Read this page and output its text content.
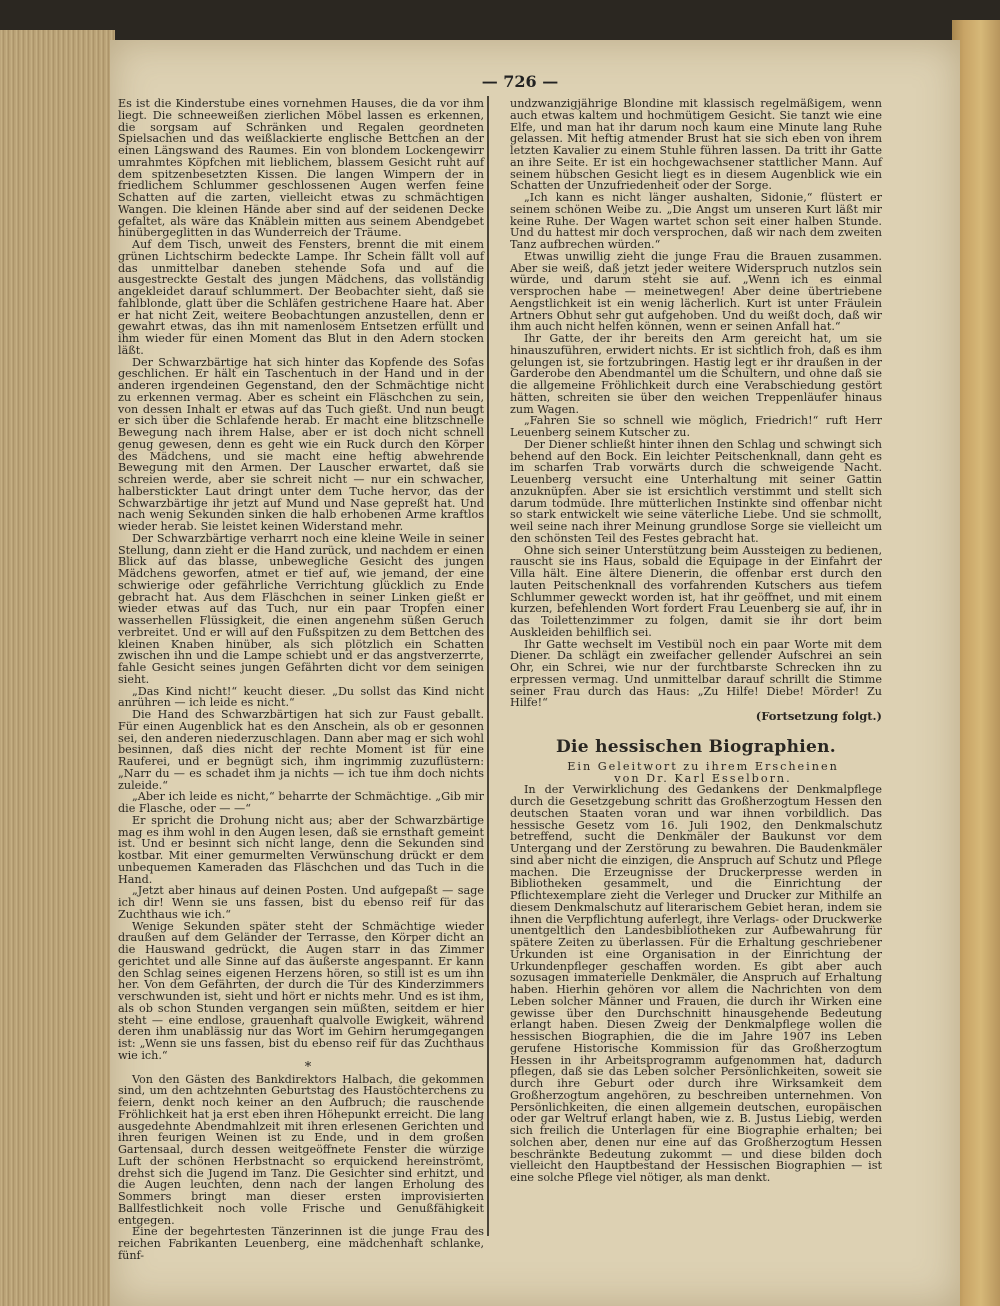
— 726 —

Es ist die Kinderstube eines vornehmen Hauses, die da vor ihm liegt. Die schneeweißen zierlichen Möbel lassen es erkennen, die sorgsam auf Schränken und Regalen geordneten Spielsachen und das weißlackierte englische Bettchen an der einen Längswand des Raumes. Ein von blondem Lockengewirr umrahmtes Köpfchen mit lieblichem, blassem Gesicht ruht auf dem spitzenbesetzten Kissen. Die langen Wimpern der in friedlichem Schlummer geschlossenen Augen werfen feine Schatten auf die zarten, vielleicht etwas zu schmächtigen Wangen. Die kleinen Hände aber sind auf der seidenen Decke gefaltet, als wäre das Knäblein mitten aus seinem Abendgebet hinübergeglitten in das Wunderreich der Träume.

Auf dem Tisch, unweit des Fensters, brennt die mit einem grünen Lichtschirm bedeckte Lampe. Ihr Schein fällt voll auf das unmittelbar daneben stehende Sofa und auf die ausgestreckte Gestalt des jungen Mädchens, das vollständig angekleidet darauf schlummert. Der Beobachter sieht, daß sie fahlblonde, glatt über die Schläfen gestrichene Haare hat. Aber er hat nicht Zeit, weitere Beobachtungen anzustellen, denn er gewahrt etwas, das ihn mit namenlosem Entsetzen erfüllt und ihm wieder für einen Moment das Blut in den Adern stocken läßt.

Der Schwarzbärtige hat sich hinter das Kopfende des Sofas geschlichen. Er hält ein Taschentuch in der Hand und in der anderen irgendeinen Gegenstand, den der Schmächtige nicht zu erkennen vermag. Aber es scheint ein Fläschchen zu sein, von dessen Inhalt er etwas auf das Tuch gießt. Und nun beugt er sich über die Schlafende herab. Er macht eine blitzschnelle Bewegung nach ihrem Halse, aber er ist doch nicht schnell genug gewesen, denn es geht wie ein Ruck durch den Körper des Mädchens, und sie macht eine heftig abwehrende Bewegung mit den Armen. Der Lauscher erwartet, daß sie schreien werde, aber sie schreit nicht — nur ein schwacher, halberstickter Laut dringt unter dem Tuche hervor, das der Schwarzbärtige ihr jetzt auf Mund und Nase gepreßt hat. Und nach wenig Sekunden sinken die halb erhobenen Arme kraftlos wieder herab. Sie leistet keinen Widerstand mehr.

Der Schwarzbärtige verharrt noch eine kleine Weile in seiner Stellung, dann zieht er die Hand zurück, und nachdem er einen Blick auf das blasse, unbewegliche Gesicht des jungen Mädchens geworfen, atmet er tief auf, wie jemand, der eine schwierige oder gefährliche Verrichtung glücklich zu Ende gebracht hat. Aus dem Fläschchen in seiner Linken gießt er wieder etwas auf das Tuch, nur ein paar Tropfen einer wasserhellen Flüssigkeit, die einen angenehm süßen Geruch verbreitet. Und er will auf den Fußspitzen zu dem Bettchen des kleinen Knaben hinüber, als sich plötzlich ein Schatten zwischen ihn und die Lampe schiebt und er das angstverzerrte, fahle Gesicht seines jungen Gefährten dicht vor dem seinigen sieht.

„Das Kind nicht!“ keucht dieser. „Du sollst das Kind nicht anrühren — ich leide es nicht.“

Die Hand des Schwarzbärtigen hat sich zur Faust geballt. Für einen Augenblick hat es den Anschein, als ob er gesonnen sei, den anderen niederzuschlagen. Dann aber mag er sich wohl besinnen, daß dies nicht der rechte Moment ist für eine Rauferei, und er begnügt sich, ihm ingrimmig zuzuflüstern: „Narr du — es schadet ihm ja nichts — ich tue ihm doch nichts zuleide.“

„Aber ich leide es nicht,“ beharrte der Schmächtige. „Gib mir die Flasche, oder — —“

Er spricht die Drohung nicht aus; aber der Schwarzbärtige mag es ihm wohl in den Augen lesen, daß sie ernsthaft gemeint ist. Und er besinnt sich nicht lange, denn die Sekunden sind kostbar. Mit einer gemurmelten Verwünschung drückt er dem unbequemen Kameraden das Fläschchen und das Tuch in die Hand.

„Jetzt aber hinaus auf deinen Posten. Und aufgepaßt — sage ich dir! Wenn sie uns fassen, bist du ebenso reif für das Zuchthaus wie ich.“

Wenige Sekunden später steht der Schmächtige wieder draußen auf dem Geländer der Terrasse, den Körper dicht an die Hauswand gedrückt, die Augen starr in das Zimmer gerichtet und alle Sinne auf das äußerste angespannt. Er kann den Schlag seines eigenen Herzens hören, so still ist es um ihn her. Von dem Gefährten, der durch die Tür des Kinderzimmers verschwunden ist, sieht und hört er nichts mehr. Und es ist ihm, als ob schon Stunden vergangen sein müßten, seitdem er hier steht — eine endlose, grauenhaft qualvolle Ewigkeit, während deren ihm unablässig nur das Wort im Gehirn herumgegangen ist: „Wenn sie uns fassen, bist du ebenso reif für das Zuchthaus wie ich.“

*

Von den Gästen des Bankdirektors Halbach, die gekommen sind, um den achtzehnten Geburtstag des Haustöchterchens zu feiern, denkt noch keiner an den Aufbruch; die rauschende Fröhlichkeit hat ja erst eben ihren Höhepunkt erreicht. Die lang ausgedehnte Abendmahlzeit mit ihren erlesenen Gerichten und ihren feurigen Weinen ist zu Ende, und in dem großen Gartensaal, durch dessen weitgeöffnete Fenster die würzige Luft der schönen Herbstnacht so erquickend hereinströmt, drehst sich die Jugend im Tanz. Die Gesichter sind erhitzt, und die Augen leuchten, denn nach der langen Erholung des Sommers bringt man dieser ersten improvisierten Ballfestlichkeit noch volle Frische und Genußfähigkeit entgegen.

Eine der begehrtesten Tänzerinnen ist die junge Frau des reichen Fabrikanten Leuenberg, eine mädchenhaft schlanke, fünf-

undzwanzigjährige Blondine mit klassisch regelmäßigem, wenn auch etwas kaltem und hochmütigem Gesicht. Sie tanzt wie eine Elfe, und man hat ihr darum noch kaum eine Minute lang Ruhe gelassen. Mit heftig atmender Brust hat sie sich eben von ihrem letzten Kavalier zu einem Stuhle führen lassen. Da tritt ihr Gatte an ihre Seite. Er ist ein hochgewachsener stattlicher Mann. Auf seinem hübschen Gesicht liegt es in diesem Augenblick wie ein Schatten der Unzufriedenheit oder der Sorge.

„Ich kann es nicht länger aushalten, Sidonie,“ flüstert er seinem schönen Weibe zu. „Die Angst um unseren Kurt läßt mir keine Ruhe. Der Wagen wartet schon seit einer halben Stunde. Und du hattest mir doch versprochen, daß wir nach dem zweiten Tanz aufbrechen würden.“

Etwas unwillig zieht die junge Frau die Brauen zusammen. Aber sie weiß, daß jetzt jeder weitere Widerspruch nutzlos sein würde, und darum steht sie auf. „Wenn ich es einmal versprochen habe — meinetwegen! Aber deine übertriebene Aengstlichkeit ist ein wenig lächerlich. Kurt ist unter Fräulein Artners Obhut sehr gut aufgehoben. Und du weißt doch, daß wir ihm auch nicht helfen können, wenn er seinen Anfall hat.“

Ihr Gatte, der ihr bereits den Arm gereicht hat, um sie hinauszuführen, erwidert nichts. Er ist sichtlich froh, daß es ihm gelungen ist, sie fortzubringen. Hastig legt er ihr draußen in der Garderobe den Abendmantel um die Schultern, und ohne daß sie die allgemeine Fröhlichkeit durch eine Verabschiedung gestört hätten, schreiten sie über den weichen Treppenläufer hinaus zum Wagen.

„Fahren Sie so schnell wie möglich, Friedrich!“ ruft Herr Leuenberg seinem Kutscher zu.

Der Diener schließt hinter ihnen den Schlag und schwingt sich behend auf den Bock. Ein leichter Peitschenknall, dann geht es im scharfen Trab vorwärts durch die schweigende Nacht. Leuenberg versucht eine Unterhaltung mit seiner Gattin anzuknüpfen. Aber sie ist ersichtlich verstimmt und stellt sich darum todmüde. Ihre mütterlichen Instinkte sind offenbar nicht so stark entwickelt wie seine väterliche Liebe. Und sie schmollt, weil seine nach ihrer Meinung grundlose Sorge sie vielleicht um den schönsten Teil des Festes gebracht hat.

Ohne sich seiner Unterstützung beim Aussteigen zu bedienen, rauscht sie ins Haus, sobald die Equipage in der Einfahrt der Villa hält. Eine ältere Dienerin, die offenbar erst durch den lauten Peitschenknall des vorfahrenden Kutschers aus tiefem Schlummer geweckt worden ist, hat ihr geöffnet, und mit einem kurzen, befehlenden Wort fordert Frau Leuenberg sie auf, ihr in das Toilettenzimmer zu folgen, damit sie ihr dort beim Auskleiden behilflich sei.

Ihr Gatte wechselt im Vestibül noch ein paar Worte mit dem Diener. Da schlägt ein zweifacher gellender Aufschrei an sein Ohr, ein Schrei, wie nur der furchtbarste Schrecken ihn zu erpressen vermag. Und unmittelbar darauf schrillt die Stimme seiner Frau durch das Haus: „Zu Hilfe! Diebe! Mörder! Zu Hilfe!“

(Fortsetzung folgt.)

Die hessischen Biographien.

Ein Geleitwort zu ihrem Erscheinen

von Dr. Karl Esselborn.

In der Verwirklichung des Gedankens der Denkmalpflege durch die Gesetzgebung schritt das Großherzogtum Hessen den deutschen Staaten voran und war ihnen vorbildlich. Das hessische Gesetz vom 16. Juli 1902, den Denkmalschutz betreffend, sucht die Denkmäler der Baukunst vor dem Untergang und der Zerstörung zu bewahren. Die Baudenkmäler sind aber nicht die einzigen, die Anspruch auf Schutz und Pflege machen. Die Erzeugnisse der Druckerpresse werden in Bibliotheken gesammelt, und die Einrichtung der Pflichtexemplare zieht die Verleger und Drucker zur Mithilfe an diesem Denkmalschutz auf literarischem Gebiet heran, indem sie ihnen die Verpflichtung auferlegt, ihre Verlags- oder Druckwerke unentgeltlich den Landesbibliotheken zur Aufbewahrung für spätere Zeiten zu überlassen. Für die Erhaltung geschriebener Urkunden ist eine Organisation in der Einrichtung der Urkundenpfleger geschaffen worden. Es gibt aber auch sozusagen immaterielle Denkmäler, die Anspruch auf Erhaltung haben. Hierhin gehören vor allem die Nachrichten von dem Leben solcher Männer und Frauen, die durch ihr Wirken eine gewisse über den Durchschnitt hinausgehende Bedeutung erlangt haben. Diesen Zweig der Denkmalpflege wollen die hessischen Biographien, die die im Jahre 1907 ins Leben gerufene Historische Kommission für das Großherzogtum Hessen in ihr Arbeitsprogramm aufgenommen hat, dadurch pflegen, daß sie das Leben solcher Persönlichkeiten, soweit sie durch ihre Geburt oder durch ihre Wirksamkeit dem Großherzogtum angehören, zu beschreiben unternehmen. Von Persönlichkeiten, die einen allgemein deutschen, europäischen oder gar Weltruf erlangt haben, wie z. B. Justus Liebig, werden sich freilich die Unterlagen für eine Biographie erhalten; bei solchen aber, denen nur eine auf das Großherzogtum Hessen beschränkte Bedeutung zukommt — und diese bilden doch vielleicht den Hauptbestand der Hessischen Biographien — ist eine solche Pflege viel nötiger, als man denkt.
